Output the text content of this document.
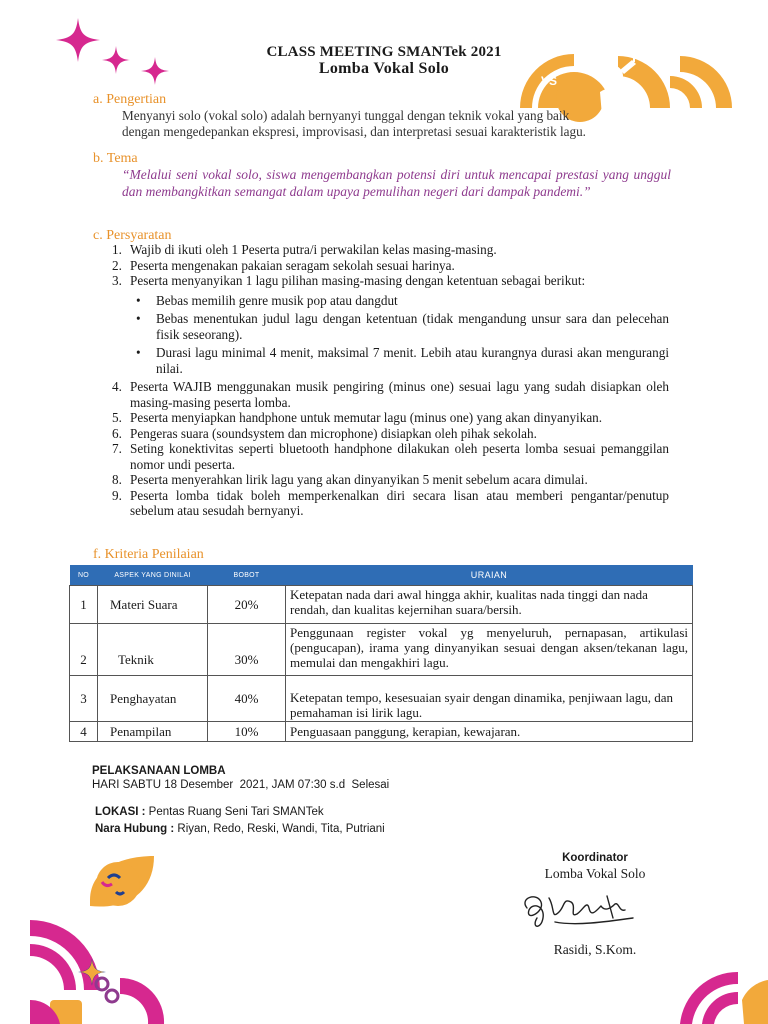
VS
CLASS MEETING SMANTek 2021
Lomba Vokal Solo
a. Pengertian
Menyanyi solo (vokal solo) adalah bernyanyi tunggal dengan teknik vokal yang baik
dengan mengedepankan ekspresi, improvisasi, dan interpretasi sesuai karakteristik lagu.
b. Tema
“Melalui seni vokal solo, siswa mengembangkan potensi diri untuk mencapai prestasi yang unggul dan membangkitkan semangat dalam upaya pemulihan negeri dari dampak pandemi.”
c. Persyaratan
1. Wajib di ikuti oleh 1 Peserta putra/i perwakilan kelas masing-masing.
2. Peserta mengenakan pakaian seragam sekolah sesuai harinya.
3. Peserta menyanyikan 1 lagu pilihan masing-masing dengan ketentuan sebagai berikut:
• Bebas memilih genre musik pop atau dangdut
• Bebas menentukan judul lagu dengan ketentuan (tidak mengandung unsur sara dan pelecehan fisik seseorang).
• Durasi lagu minimal 4 menit, maksimal 7 menit. Lebih atau kurangnya durasi akan mengurangi nilai.
4. Peserta WAJIB menggunakan musik pengiring (minus one) sesuai lagu yang sudah disiapkan oleh masing-masing peserta lomba.
5. Peserta menyiapkan handphone untuk memutar lagu (minus one) yang akan dinyanyikan.
6. Pengeras suara (soundsystem dan microphone) disiapkan oleh pihak sekolah.
7. Seting konektivitas seperti bluetooth handphone dilakukan oleh peserta lomba sesuai pemanggilan nomor undi peserta.
8. Peserta menyerahkan lirik lagu yang akan dinyanyikan 5 menit sebelum acara dimulai.
9. Peserta lomba tidak boleh memperkenalkan diri secara lisan atau memberi pengantar/penutup sebelum atau sesudah bernyanyi.
f. Kriteria Penilaian
NO	ASPEK YANG DINILAI	BOBOT	URAIAN
1	Materi Suara	20%	Ketepatan nada dari awal hingga akhir, kualitas nada tinggi dan nada rendah, dan kualitas kejernihan suara/bersih.
2	Teknik	30%	Penggunaan register vokal yg menyeluruh, pernapasan, artikulasi (pengucapan), irama yang dinyanyikan sesuai dengan aksen/tekanan lagu, memulai dan mengakhiri lagu.
3	Penghayatan	40%	Ketepatan tempo, kesesuaian syair dengan dinamika, penjiwaan lagu, dan pemahaman isi lirik lagu.
4	Penampilan	10%	Penguasaan panggung, kerapian, kewajaran.
PELAKSANAAN LOMBA
HARI SABTU 18 Desember  2021, JAM 07:30 s.d  Selesai
LOKASI : Pentas Ruang Seni Tari SMANTek
Nara Hubung : Riyan, Redo, Reski, Wandi, Tita, Putriani
Koordinator
Lomba Vokal Solo
Rasidi, S.Kom.
